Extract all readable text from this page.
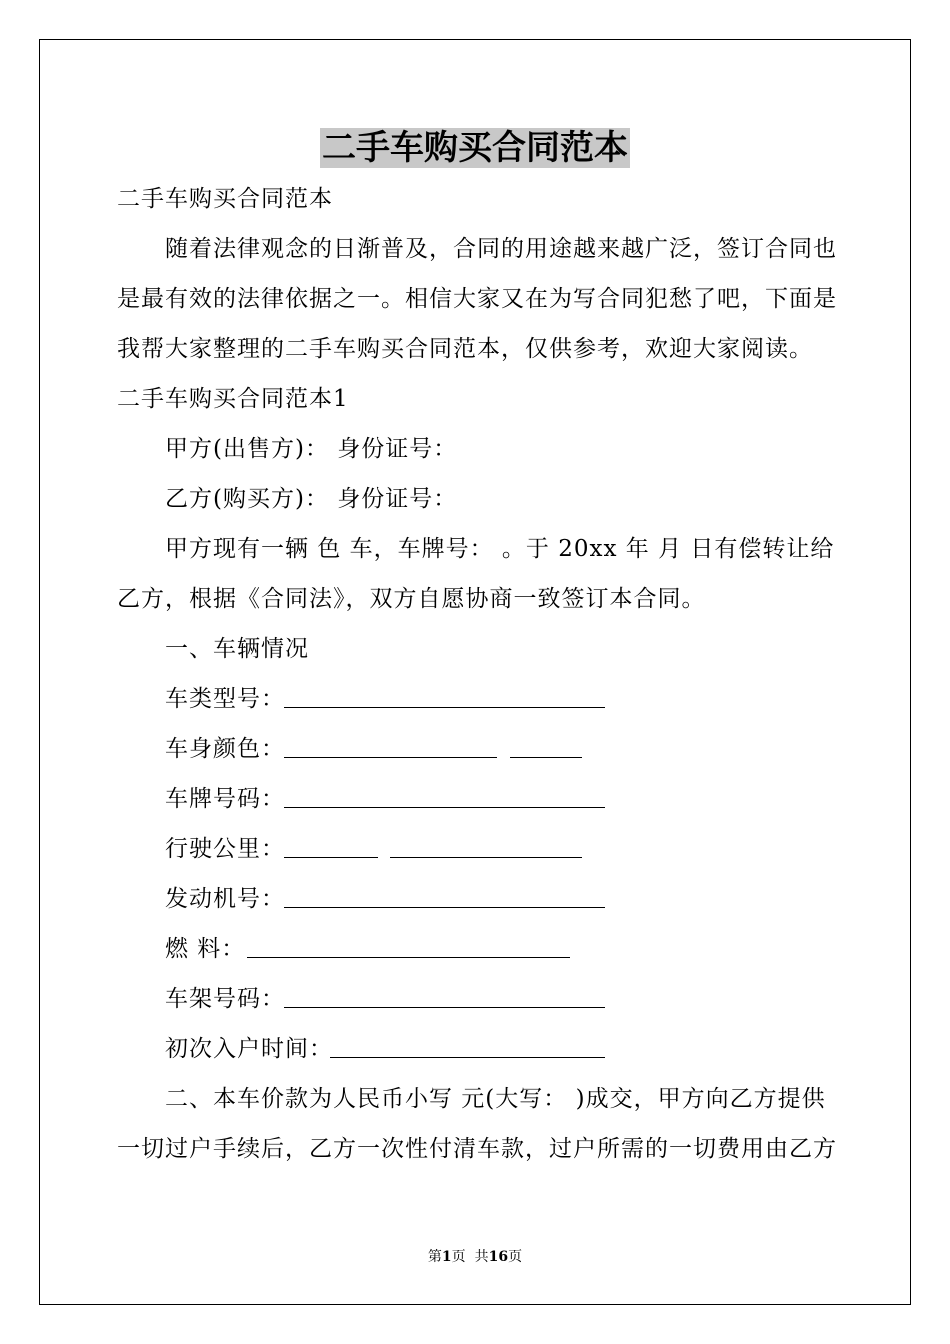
二手车购买合同范本
二手车购买合同范本
随着法律观念的日渐普及，合同的用途越来越广泛，签订合同也
是最有效的法律依据之一。相信大家又在为写合同犯愁了吧，下面是
我帮大家整理的二手车购买合同范本，仅供参考，欢迎大家阅读。
二手车购买合同范本1
甲方(出售方)： 身份证号：
乙方(购买方)： 身份证号：
甲方现有一辆 色 车，车牌号： 。于 20xx 年 月 日有偿转让给
乙方，根据《合同法》，双方自愿协商一致签订本合同。
一、车辆情况
车类型号：
车身颜色：
车牌号码：
行驶公里：
发动机号：
燃 料：
车架号码：
初次入户时间：
二、本车价款为人民币小写 元(大写： )成交，甲方向乙方提供
一切过户手续后，乙方一次性付清车款，过户所需的一切费用由乙方
第1页  共16页
